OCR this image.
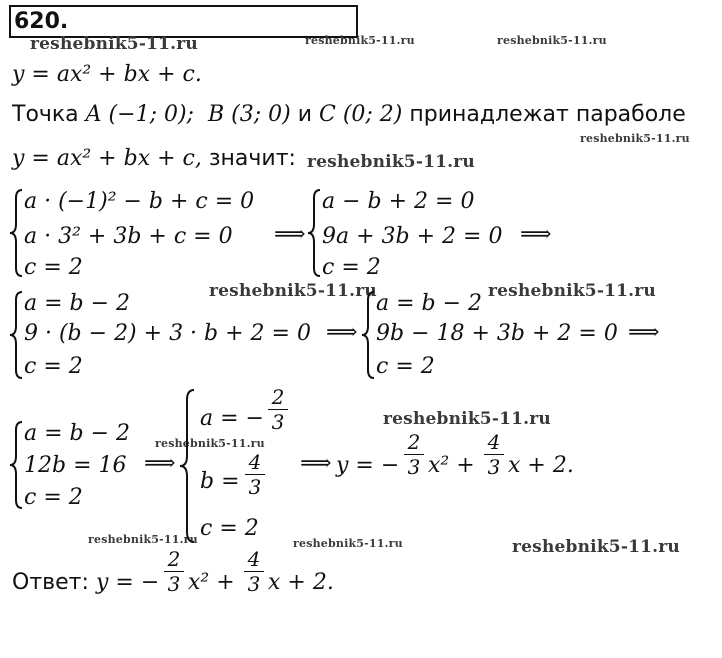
620.
reshebnik5-11.ru	reshebnik5-11.ru	reshebnik5-11.ru
reshebnik5-11.ru
reshebnik5-11.ru
reshebnik5-11.ru	reshebnik5-11.ru
reshebnik5-11.ru
reshebnik5-11.ru
reshebnik5-11.ru	reshebnik5-11.ru	reshebnik5-11.ru
y = ax² + bx + c.
Точка A (−1; 0); B (3; 0) и C (0; 2) принадлежат параболе
y = ax² + bx + c, значит:
a · (−1)² − b + c = 0
a · 3² + 3b + c = 0
c = 2
⟹
a − b + 2 = 0
9a + 3b + 2 = 0 ⟹
c = 2
a = b − 2
9 · (b − 2) + 3 · b + 2 = 0
c = 2
⟹
a = b − 2
9b − 18 + 3b + 2 = 0 ⟹
c = 2
a = b − 2
12b = 16 ⟹
c = 2
a = −
2
3
b =
4
3
c = 2
⟹ y = −
2
3 x² +
4
3 x + 2.
Ответ: y = −
2
3 x² +
4
3 x + 2.
